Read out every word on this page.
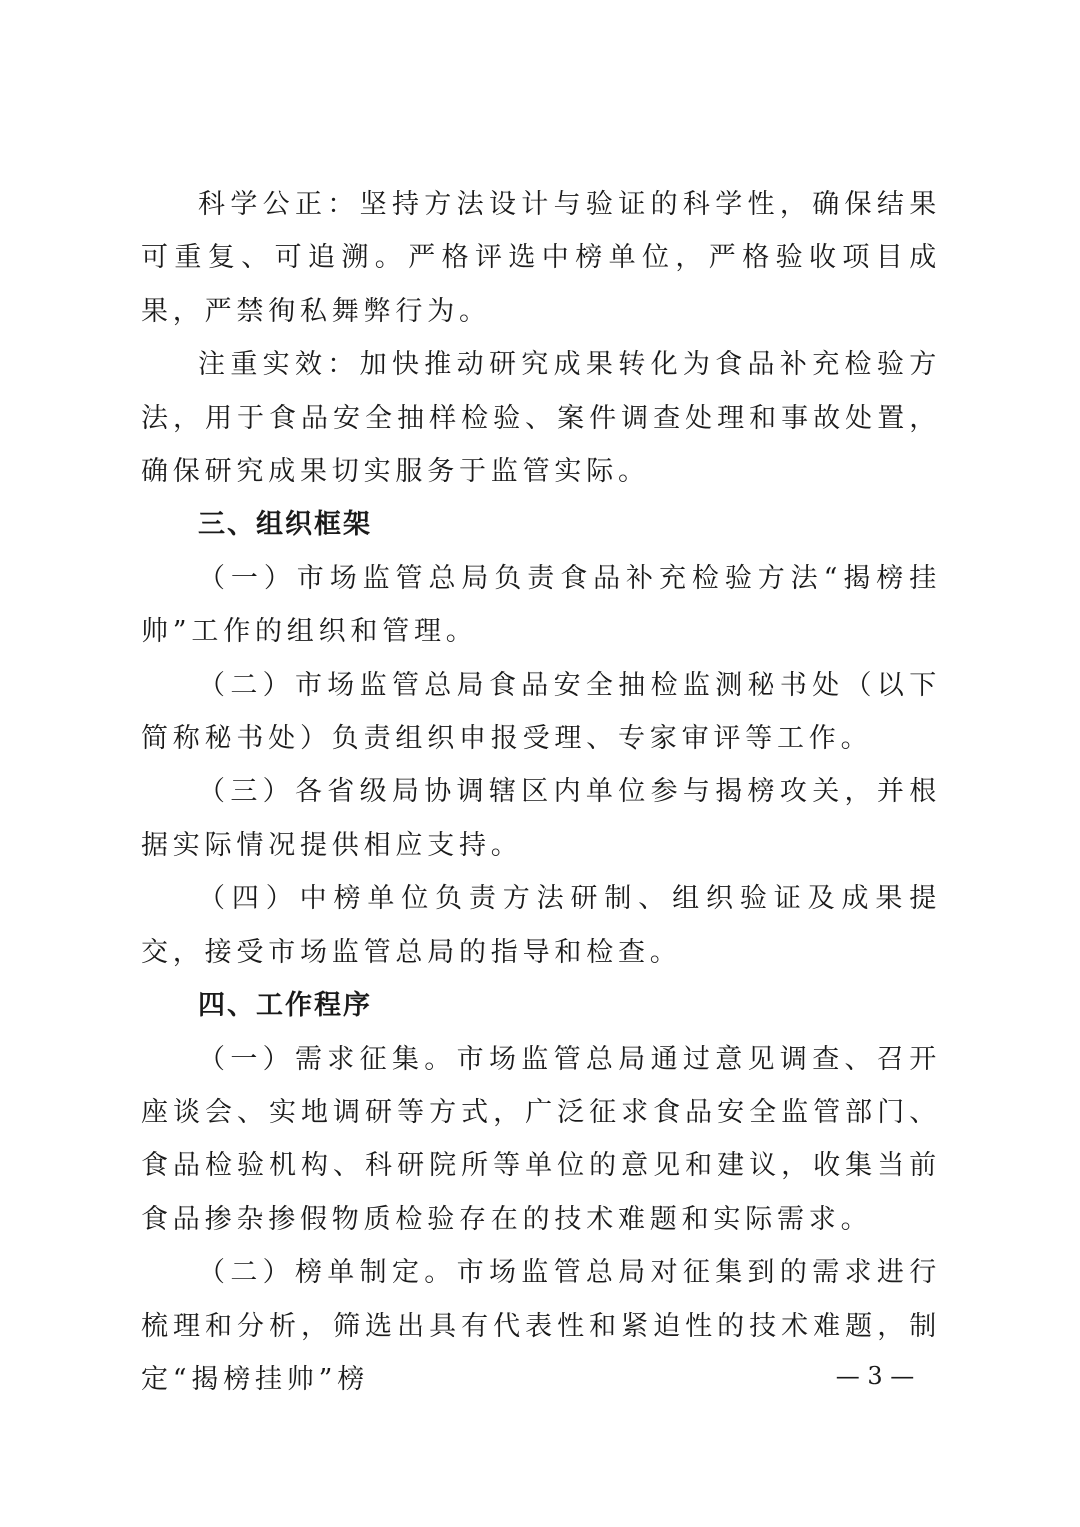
科学公正：坚持方法设计与验证的科学性，确保结果可重复、可追溯。严格评选中榜单位，严格验收项目成果，严禁徇私舞弊行为。

注重实效：加快推动研究成果转化为食品补充检验方法，用于食品安全抽样检验、案件调查处理和事故处置，确保研究成果切实服务于监管实际。

三、组织框架

（一）市场监管总局负责食品补充检验方法“揭榜挂帅”工作的组织和管理。

（二）市场监管总局食品安全抽检监测秘书处（以下简称秘书处）负责组织申报受理、专家审评等工作。

（三）各省级局协调辖区内单位参与揭榜攻关，并根据实际情况提供相应支持。

（四）中榜单位负责方法研制、组织验证及成果提交，接受市场监管总局的指导和检查。

四、工作程序

（一）需求征集。市场监管总局通过意见调查、召开座谈会、实地调研等方式，广泛征求食品安全监管部门、食品检验机构、科研院所等单位的意见和建议，收集当前食品掺杂掺假物质检验存在的技术难题和实际需求。

（二）榜单制定。市场监管总局对征集到的需求进行梳理和分析，筛选出具有代表性和紧迫性的技术难题，制定“揭榜挂帅”榜	— 3 —
